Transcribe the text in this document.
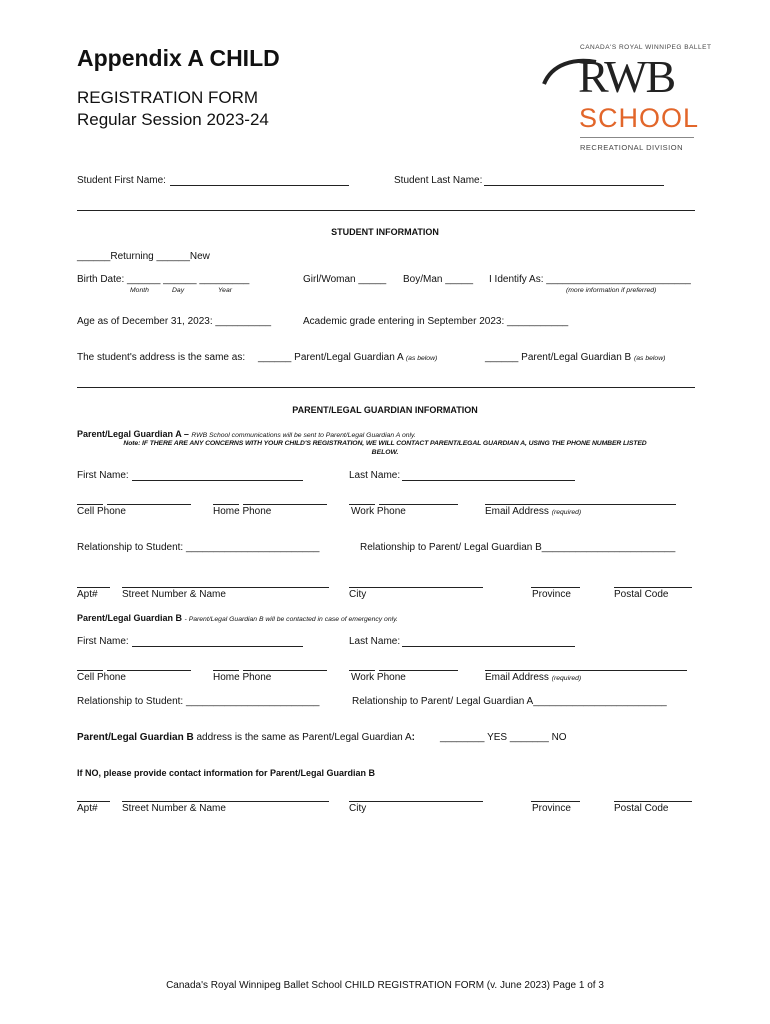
Appendix A CHILD
REGISTRATION FORM
Regular Session 2023-24
CANADA'S ROYAL WINNIPEG BALLET
RWB
SCHOOL
RECREATIONAL DIVISION
Student First Name:	Student Last Name:
STUDENT INFORMATION
______Returning ______New
Birth Date: ______ ______ _________
Month	Day	Year
Girl/Woman _____ Boy/Man _____ I Identify As: __________________________
(more information if preferred)
Age as of December 31, 2023: __________	Academic grade entering in September 2023: ___________
The student's address is the same as: ______ Parent/Legal Guardian A (as below)	______ Parent/Legal Guardian B (as below)
PARENT/LEGAL GUARDIAN INFORMATION
Parent/Legal Guardian A – RWB School communications will be sent to Parent/Legal Guardian A only.
Note: IF THERE ARE ANY CONCERNS WITH YOUR CHILD'S REGISTRATION, WE WILL CONTACT PARENT/LEGAL GUARDIAN A, USING THE PHONE NUMBER LISTED
BELOW.
First Name:	Last Name:
Cell Phone	Home Phone	Work Phone	Email Address (required)
Relationship to Student: ________________________	Relationship to Parent/ Legal Guardian B________________________
Apt# Street Number & Name	City	Province	Postal Code
Parent/Legal Guardian B - Parent/Legal Guardian B will be contacted in case of emergency only.
First Name:	Last Name:
Cell Phone	Home Phone	Work Phone	Email Address (required)
Relationship to Student: ________________________	Relationship to Parent/ Legal Guardian A________________________
Parent/Legal Guardian B address is the same as Parent/Legal Guardian A:	________ YES _______ NO
If NO, please provide contact information for Parent/Legal Guardian B
Apt# Street Number & Name	City	Province	Postal Code
Canada's Royal Winnipeg Ballet School CHILD REGISTRATION FORM (v. June 2023) Page 1 of 3
